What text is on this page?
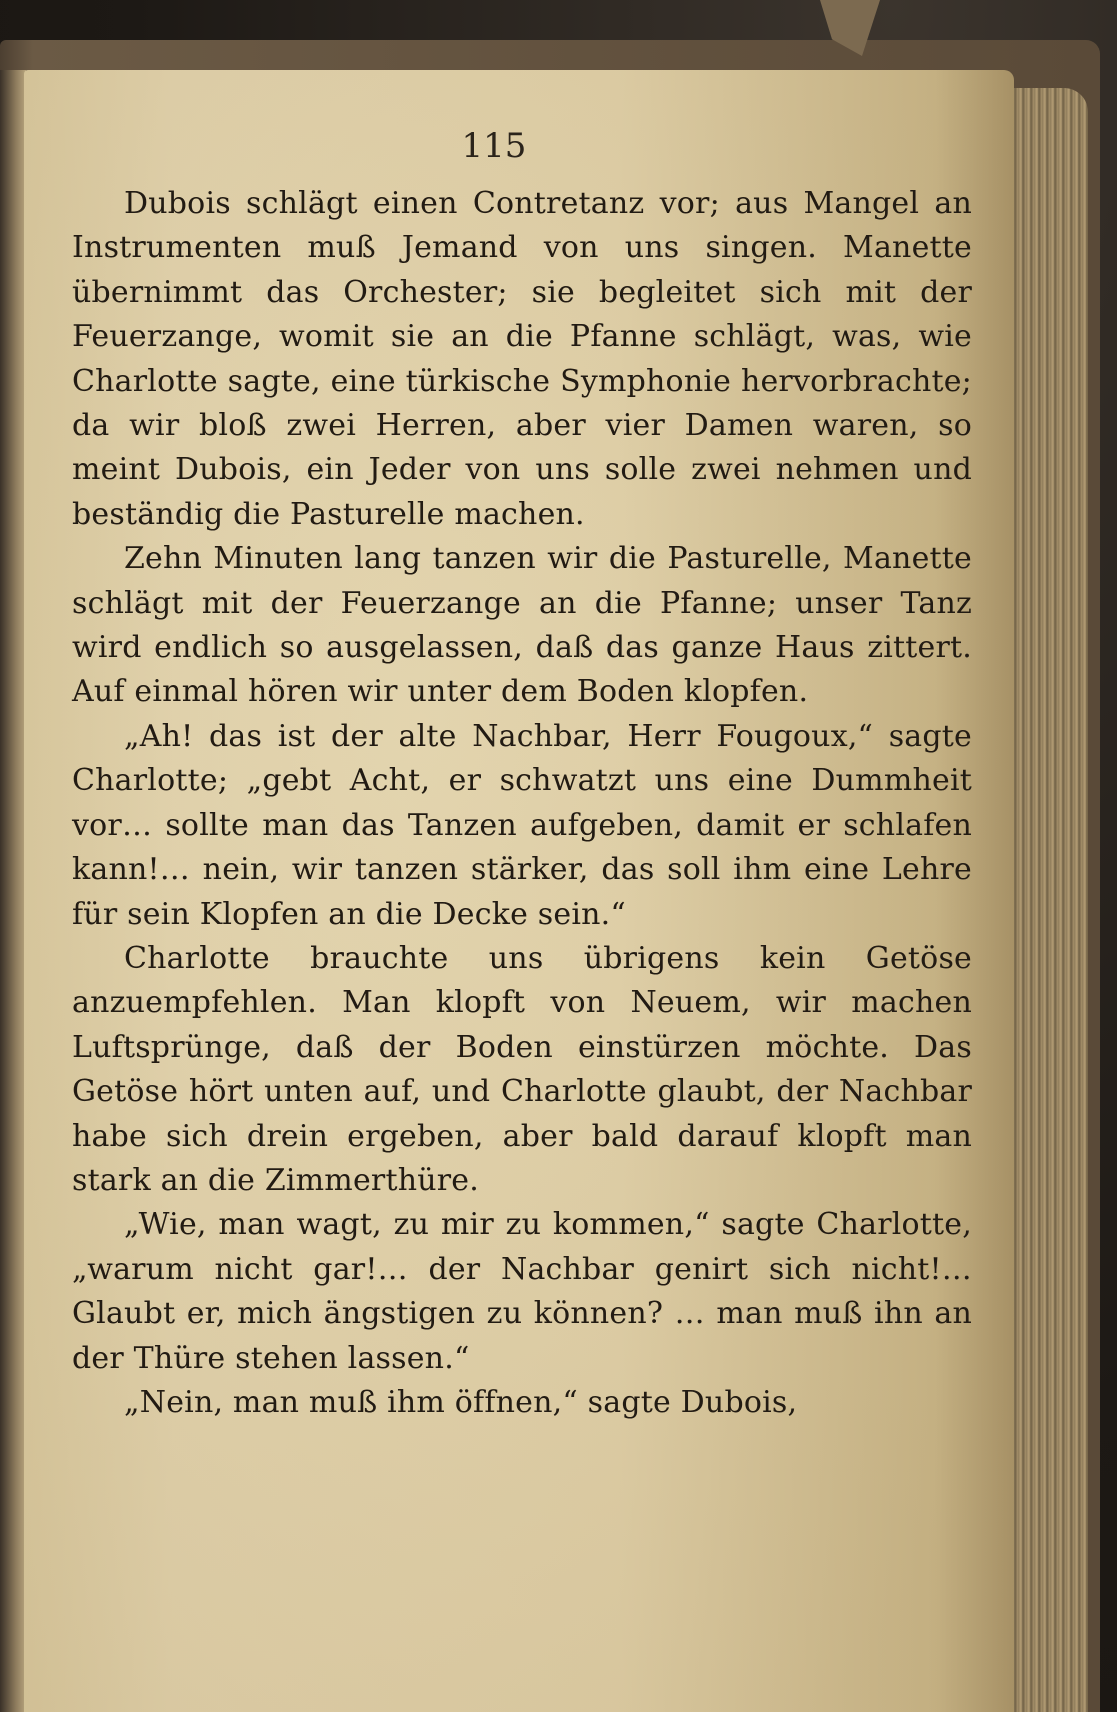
115

Dubois schlägt einen Contretanz vor; aus Mangel an Instrumenten muß Jemand von uns singen. Manette übernimmt das Orchester; sie begleitet sich mit der Feuerzange, womit sie an die Pfanne schlägt, was, wie Charlotte sagte, eine türkische Symphonie hervorbrachte; da wir bloß zwei Herren, aber vier Damen waren, so meint Dubois, ein Jeder von uns solle zwei nehmen und beständig die Pasturelle machen.

Zehn Minuten lang tanzen wir die Pasturelle, Manette schlägt mit der Feuerzange an die Pfanne; unser Tanz wird endlich so ausgelassen, daß das ganze Haus zittert. Auf einmal hören wir unter dem Boden klopfen.

„Ah! das ist der alte Nachbar, Herr Fougoux,“ sagte Charlotte; „gebt Acht, er schwatzt uns eine Dummheit vor… sollte man das Tanzen aufgeben, damit er schlafen kann!… nein, wir tanzen stärker, das soll ihm eine Lehre für sein Klopfen an die Decke sein.“

Charlotte brauchte uns übrigens kein Getöse anzuempfehlen. Man klopft von Neuem, wir machen Luftsprünge, daß der Boden einstürzen möchte. Das Getöse hört unten auf, und Charlotte glaubt, der Nachbar habe sich drein ergeben, aber bald darauf klopft man stark an die Zimmerthüre.

„Wie, man wagt, zu mir zu kommen,“ sagte Charlotte, „warum nicht gar!… der Nachbar genirt sich nicht!… Glaubt er, mich ängstigen zu können? … man muß ihn an der Thüre stehen lassen.“

„Nein, man muß ihm öffnen,“ sagte Dubois,
